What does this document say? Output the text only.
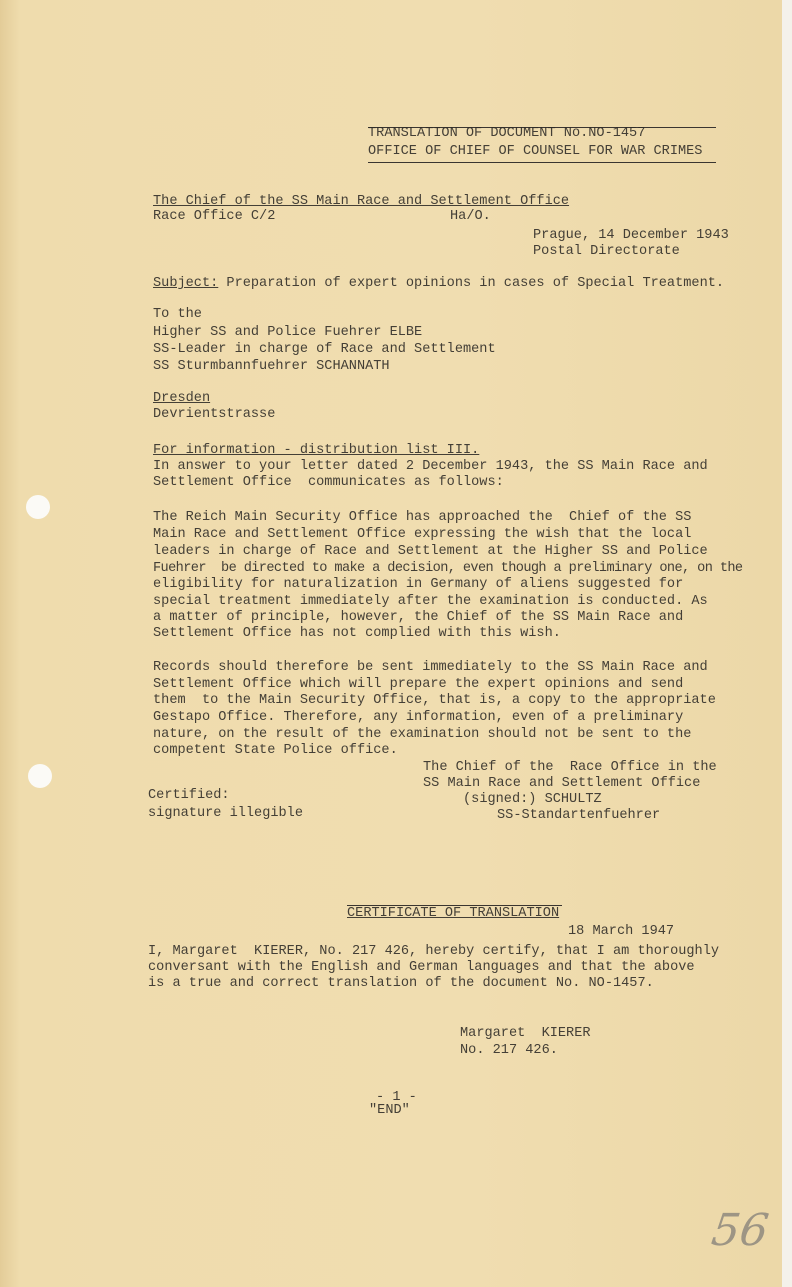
TRANSLATION OF DOCUMENT No.NO-1457
OFFICE OF CHIEF OF COUNSEL FOR WAR CRIMES
The Chief of the SS Main Race and Settlement Office
Race Office C/2	Ha/O.
Prague, 14 December 1943
Postal Directorate
Subject: Preparation of expert opinions in cases of Special Treatment.
To the
Higher SS and Police Fuehrer ELBE
SS-Leader in charge of Race and Settlement
SS Sturmbannfuehrer SCHANNATH
Dresden
Devrientstrasse
For information - distribution list III.
In answer to your letter dated 2 December 1943, the SS Main Race and
Settlement Office  communicates as follows:
The Reich Main Security Office has approached the  Chief of the SS
Main Race and Settlement Office expressing the wish that the local
leaders in charge of Race and Settlement at the Higher SS and Police
Fuehrer  be directed to make a decision, even though a preliminary one, on the
eligibility for naturalization in Germany of aliens suggested for
special treatment immediately after the examination is conducted. As
a matter of principle, however, the Chief of the SS Main Race and
Settlement Office has not complied with this wish.
Records should therefore be sent immediately to the SS Main Race and
Settlement Office which will prepare the expert opinions and send
them  to the Main Security Office, that is, a copy to the appropriate
Gestapo Office. Therefore, any information, even of a preliminary
nature, on the result of the examination should not be sent to the
competent State Police office.
The Chief of the  Race Office in the
SS Main Race and Settlement Office
(signed:) SCHULTZ
SS-Standartenfuehrer
Certified:
signature illegible
CERTIFICATE OF TRANSLATION
18 March 1947
I, Margaret  KIERER, No. 217 426, hereby certify, that I am thoroughly
conversant with the English and German languages and that the above
is a true and correct translation of the document No. NO-1457.
Margaret  KIERER
No. 217 426.
- 1 -
"END"
56
